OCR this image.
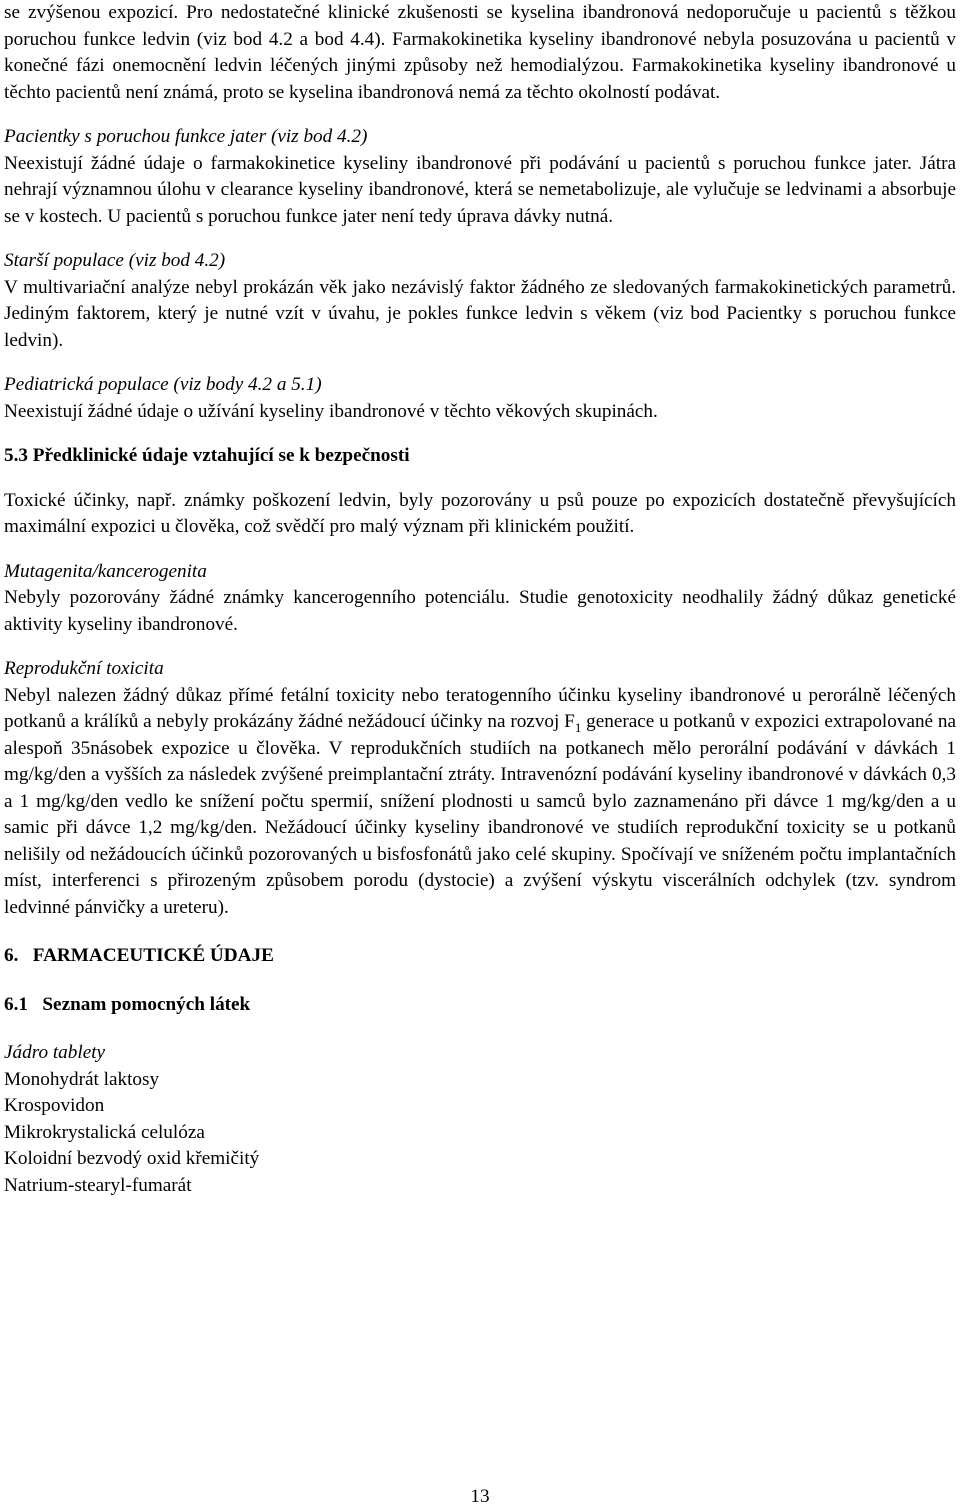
se zvýšenou expozicí. Pro nedostatečné klinické zkušenosti se kyselina ibandronová nedoporučuje u pacientů s těžkou poruchou funkce ledvin (viz bod 4.2 a bod 4.4). Farmakokinetika kyseliny ibandronové nebyla posuzována u pacientů v konečné fázi onemocnění ledvin léčených jinými způsoby než hemodialýzou. Farmakokinetika kyseliny ibandronové u těchto pacientů není známá, proto se kyselina ibandronová nemá za těchto okolností podávat.

Pacientky s poruchou funkce jater (viz bod 4.2)

Neexistují žádné údaje o farmakokinetice kyseliny ibandronové při podávání u pacientů s poruchou funkce jater. Játra nehrají významnou úlohu v clearance kyseliny ibandronové, která se nemetabolizuje, ale vylučuje se ledvinami a absorbuje se v kostech. U pacientů s poruchou funkce jater není tedy úprava dávky nutná.

Starší populace (viz bod 4.2)

V multivariační analýze nebyl prokázán věk jako nezávislý faktor žádného ze sledovaných farmakokinetických parametrů. Jediným faktorem, který je nutné vzít v úvahu, je pokles funkce ledvin s věkem (viz bod Pacientky s poruchou funkce ledvin).

Pediatrická populace (viz body 4.2 a 5.1)

Neexistují žádné údaje o užívání kyseliny ibandronové v těchto věkových skupinách.

5.3 Předklinické údaje vztahující se k bezpečnosti

Toxické účinky, např. známky poškození ledvin, byly pozorovány u psů pouze po expozicích dostatečně převyšujících maximální expozici u člověka, což svědčí pro malý význam při klinickém použití.

Mutagenita/kancerogenita

Nebyly pozorovány žádné známky kancerogenního potenciálu. Studie genotoxicity neodhalily žádný důkaz genetické aktivity kyseliny ibandronové.

Reprodukční toxicita

Nebyl nalezen žádný důkaz přímé fetální toxicity nebo teratogenního účinku kyseliny ibandronové u perorálně léčených potkanů a králíků a nebyly prokázány žádné nežádoucí účinky na rozvoj $F_1$ generace u potkanů v expozici extrapolované na alespoň 35násobek expozice u člověka. V reprodukčních studiích na potkanech mělo perorální podávání v dávkách 1 mg/kg/den a vyšších za následek zvýšené preimplantační ztráty. Intravenózní podávání kyseliny ibandronové v dávkách 0,3 a 1 mg/kg/den vedlo ke snížení počtu spermií, snížení plodnosti u samců bylo zaznamenáno při dávce 1 mg/kg/den a u samic při dávce 1,2 mg/kg/den. Nežádoucí účinky kyseliny ibandronové ve studiích reprodukční toxicity se u potkanů nelišily od nežádoucích účinků pozorovaných u bisfosfonátů jako celé skupiny. Spočívají ve sníženém počtu implantačních míst, interferenci s přirozeným způsobem porodu (dystocie) a zvýšení výskytu viscerálních odchylek (tzv. syndrom ledvinné pánvičky a ureteru).

6.   FARMACEUTICKÉ ÚDAJE

6.1   Seznam pomocných látek

Jádro tablety

Monohydrát laktosy

Krospovidon

Mikrokrystalická celulóza

Koloidní bezvodý oxid křemičitý

Natrium-stearyl-fumarát

13
